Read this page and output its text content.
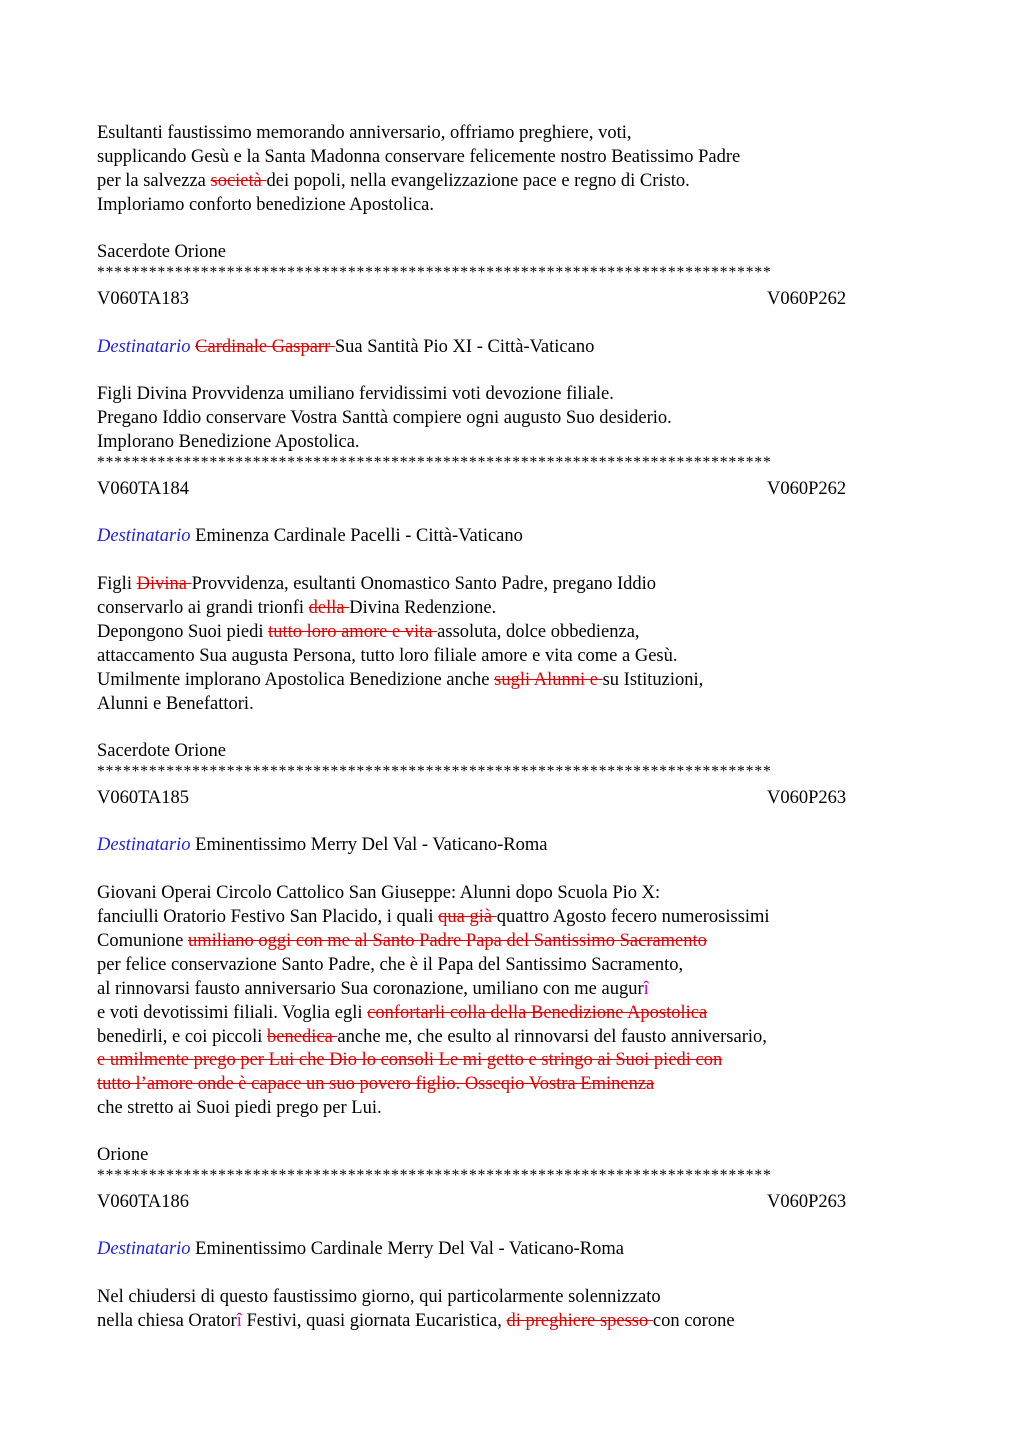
Esultanti faustissimo memorando anniversario, offriamo preghiere, voti,
supplicando Gesù e la Santa Madonna conservare felicemente nostro Beatissimo Padre
per la salvezza società dei popoli, nella evangelizzazione pace e regno di Cristo.
Imploriamo conforto benedizione Apostolica.
Sacerdote Orione
******************************************************************************
V060TA183	V060P262
Destinatario Cardinale Gasparr Sua Santità Pio XI - Città-Vaticano
Figli Divina Provvidenza umiliano fervidissimi voti devozione filiale.
Pregano Iddio conservare Vostra Santtà compiere ogni augusto Suo desiderio.
Implorano Benedizione Apostolica.
******************************************************************************
V060TA184	V060P262
Destinatario Eminenza Cardinale Pacelli - Città-Vaticano
Figli Divina Provvidenza, esultanti Onomastico Santo Padre, pregano Iddio
conservarlo ai grandi trionfi della Divina Redenzione.
Depongono Suoi piedi tutto loro amore e vita assoluta, dolce obbedienza,
attaccamento Sua augusta Persona, tutto loro filiale amore e vita come a Gesù.
Umilmente implorano Apostolica Benedizione anche sugli Alunni e su Istituzioni,
Alunni e Benefattori.
Sacerdote Orione
******************************************************************************
V060TA185	V060P263
Destinatario Eminentissimo Merry Del Val - Vaticano-Roma
Giovani Operai Circolo Cattolico San Giuseppe: Alunni dopo Scuola Pio X:
fanciulli Oratorio Festivo San Placido, i quali qua già quattro Agosto fecero numerosissimi
Comunione umiliano oggi con me al Santo Padre Papa del Santissimo Sacramento
per felice conservazione Santo Padre, che è il Papa del Santissimo Sacramento,
al rinnovarsi fausto anniversario Sua coronazione, umiliano con me augurî
e voti devotissimi filiali. Voglia egli confortarli colla della Benedizione Apostolica
benedirli, e coi piccoli benedica anche me, che esulto al rinnovarsi del fausto anniversario,
e umilmente prego per Lui che Dio lo consoli Le mi getto e stringo ai Suoi piedi con
tutto l’amore onde è capace un suo povero figlio. Osseqio Vostra Eminenza
che stretto ai Suoi piedi prego per Lui.
Orione
******************************************************************************
V060TA186	V060P263
Destinatario Eminentissimo Cardinale Merry Del Val - Vaticano-Roma
Nel chiudersi di questo faustissimo giorno, qui particolarmente solennizzato
nella chiesa Oratorî Festivi, quasi giornata Eucaristica, di preghiere spesso con corone
